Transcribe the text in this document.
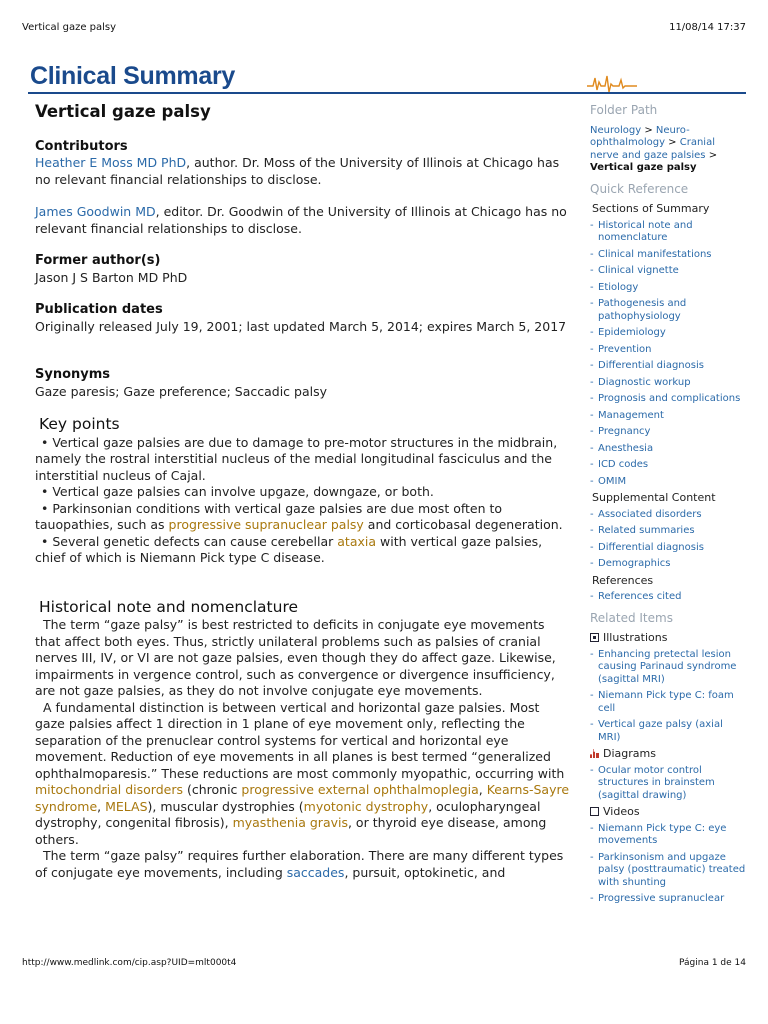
Vertical gaze palsy	11/08/14 17:37
Clinical Summary
Vertical gaze palsy
Contributors

Heather E Moss MD PhD, author. Dr. Moss of the University of Illinois at Chicago has no relevant financial relationships to disclose.

James Goodwin MD, editor. Dr. Goodwin of the University of Illinois at Chicago has no relevant financial relationships to disclose.

Former author(s)

Jason J S Barton MD PhD

Publication dates

Originally released July 19, 2001; last updated March 5, 2014; expires March 5, 2017

Synonyms

Gaze paresis; Gaze preference; Saccadic palsy

Key points

• Vertical gaze palsies are due to damage to pre-motor structures in the midbrain, namely the rostral interstitial nucleus of the medial longitudinal fasciculus and the interstitial nucleus of Cajal.

• Vertical gaze palsies can involve upgaze, downgaze, or both.

• Parkinsonian conditions with vertical gaze palsies are due most often to tauopathies, such as progressive supranuclear palsy and corticobasal degeneration.

• Several genetic defects can cause cerebellar ataxia with vertical gaze palsies, chief of which is Niemann Pick type C disease.

Historical note and nomenclature

The term “gaze palsy” is best restricted to deficits in conjugate eye movements that affect both eyes. Thus, strictly unilateral problems such as palsies of cranial nerves III, IV, or VI are not gaze palsies, even though they do affect gaze. Likewise, impairments in vergence control, such as convergence or divergence insufficiency, are not gaze palsies, as they do not involve conjugate eye movements.

A fundamental distinction is between vertical and horizontal gaze palsies. Most gaze palsies affect 1 direction in 1 plane of eye movement only, reflecting the separation of the prenuclear control systems for vertical and horizontal eye movement. Reduction of eye movements in all planes is best termed “generalized ophthalmoparesis.” These reductions are most commonly myopathic, occurring with mitochondrial disorders (chronic progressive external ophthalmoplegia, Kearns-Sayre syndrome, MELAS), muscular dystrophies (myotonic dystrophy, oculopharyngeal dystrophy, congenital fibrosis), myasthenia gravis, or thyroid eye disease, among others.

The term “gaze palsy” requires further elaboration. There are many different types of conjugate eye movements, including saccades, pursuit, optokinetic, and

Folder Path
Neurology > Neuro-ophthalmology > Cranial nerve and gaze palsies > Vertical gaze palsy
Quick Reference
Sections of Summary
- Historical note and nomenclature
- Clinical manifestations
- Clinical vignette
- Etiology
- Pathogenesis and pathophysiology
- Epidemiology
- Prevention
- Differential diagnosis
- Diagnostic workup
- Prognosis and complications
- Management
- Pregnancy
- Anesthesia
- ICD codes
- OMIM
Supplemental Content
- Associated disorders
- Related summaries
- Differential diagnosis
- Demographics
References
- References cited
Related Items
Illustrations
- Enhancing pretectal lesion causing Parinaud syndrome (sagittal MRI)
- Niemann Pick type C: foam cell
- Vertical gaze palsy (axial MRI)
Diagrams
- Ocular motor control structures in brainstem (sagittal drawing)
Videos
- Niemann Pick type C: eye movements
- Parkinsonism and upgaze palsy (posttraumatic) treated with shunting
- Progressive supranuclear
http://www.medlink.com/cip.asp?UID=mlt000t4	Página 1 de 14
